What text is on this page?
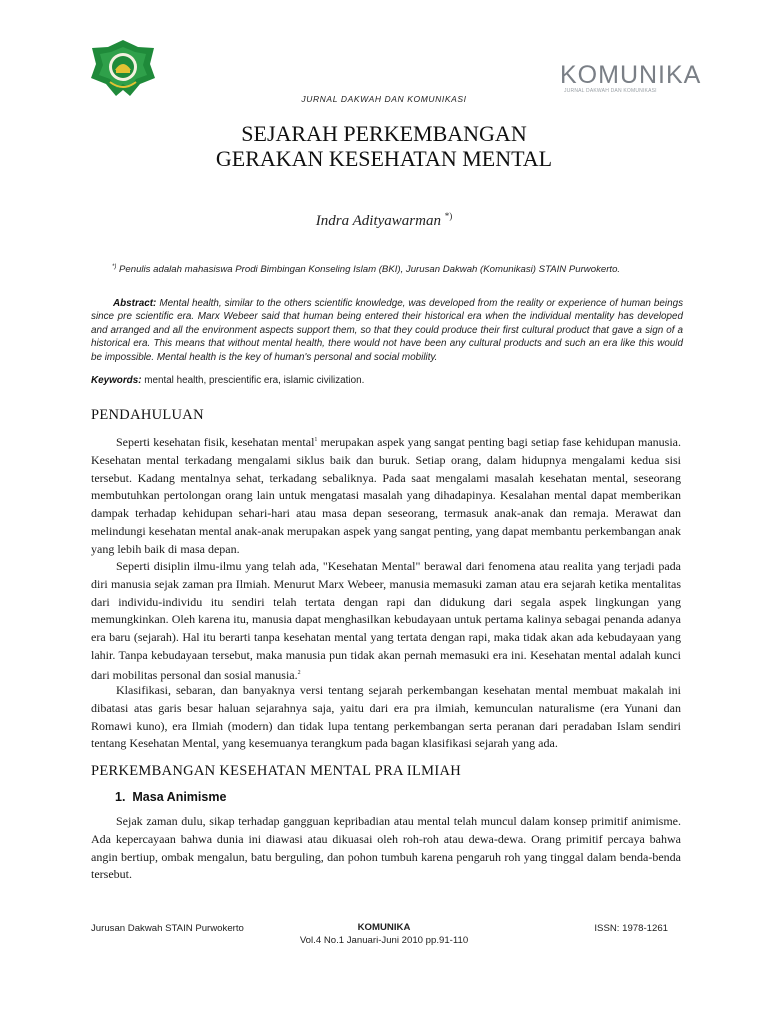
KOMUNIKA
JURNAL DAKWAH DAN KOMUNIKASI
JURNAL DAKWAH DAN KOMUNIKASI
SEJARAH PERKEMBANGAN
GERAKAN KESEHATAN MENTAL
Indra Adityawarman *)
*) Penulis adalah mahasiswa Prodi Bimbingan Konseling Islam (BKI), Jurusan Dakwah (Komunikasi) STAIN Purwokerto.

Abstract: Mental health, similar to the others scientific knowledge, was developed from the reality or experience of human beings since pre scientific era. Marx Webeer said that human being entered their historical era when the individual mentality has developed and arranged and all the environment aspects support them, so that they could produce their first cultural product that gave a sign of a historical era. This means that without mental health, there would not have been any cultural products and such an era like this would be impossible. Mental health is the key of human's personal and social mobility.

Keywords: mental health, prescientific era, islamic civilization.

PENDAHULUAN

Seperti kesehatan fisik, kesehatan mental$^1$ merupakan aspek yang sangat penting bagi setiap fase kehidupan manusia. Kesehatan mental terkadang mengalami siklus baik dan buruk. Setiap orang, dalam hidupnya mengalami kedua sisi tersebut. Kadang mentalnya sehat, terkadang sebaliknya. Pada saat mengalami masalah kesehatan mental, seseorang membutuhkan pertolongan orang lain untuk mengatasi masalah yang dihadapinya. Kesalahan mental dapat memberikan dampak terhadap kehidupan sehari-hari atau masa depan seseorang, termasuk anak-anak dan remaja. Merawat dan melindungi kesehatan mental anak-anak merupakan aspek yang sangat penting, yang dapat membantu perkembangan anak yang lebih baik di masa depan.

Seperti disiplin ilmu-ilmu yang telah ada, "Kesehatan Mental" berawal dari fenomena atau realita yang terjadi pada diri manusia sejak zaman pra Ilmiah. Menurut Marx Webeer, manusia memasuki zaman atau era sejarah ketika mentalitas dari individu-individu itu sendiri telah tertata dengan rapi dan didukung dari segala aspek lingkungan yang memungkinkan. Oleh karena itu, manusia dapat menghasilkan kebudayaan untuk pertama kalinya sebagai penanda adanya era baru (sejarah). Hal itu berarti tanpa kesehatan mental yang tertata dengan rapi, maka tidak akan ada kebudayaan yang lahir. Tanpa kebudayaan tersebut, maka manusia pun tidak akan pernah memasuki era ini. Kesehatan mental adalah kunci dari mobilitas personal dan sosial manusia.$^2$

Klasifikasi, sebaran, dan banyaknya versi tentang sejarah perkembangan kesehatan mental membuat makalah ini dibatasi atas garis besar haluan sejarahnya saja, yaitu dari era pra ilmiah, kemunculan naturalisme (era Yunani dan Romawi kuno), era Ilmiah (modern) dan tidak lupa tentang perkembangan serta peranan dari peradaban Islam sendiri tentang Kesehatan Mental, yang kesemuanya terangkum pada bagan klasifikasi sejarah yang ada.

PERKEMBANGAN KESEHATAN MENTAL PRA ILMIAH
1. Masa Animisme

Sejak zaman dulu, sikap terhadap gangguan kepribadian atau mental telah muncul dalam konsep primitif animisme. Ada kepercayaan bahwa dunia ini diawasi atau dikuasai oleh roh-roh atau dewa-dewa. Orang primitif percaya bahwa angin bertiup, ombak mengalun, batu berguling, dan pohon tumbuh karena pengaruh roh yang tinggal dalam benda-benda tersebut.

Jurusan Dakwah STAIN Purwokerto	KOMUNIKA
Vol.4 No.1 Januari-Juni 2010 pp.91-110
ISSN: 1978-1261
